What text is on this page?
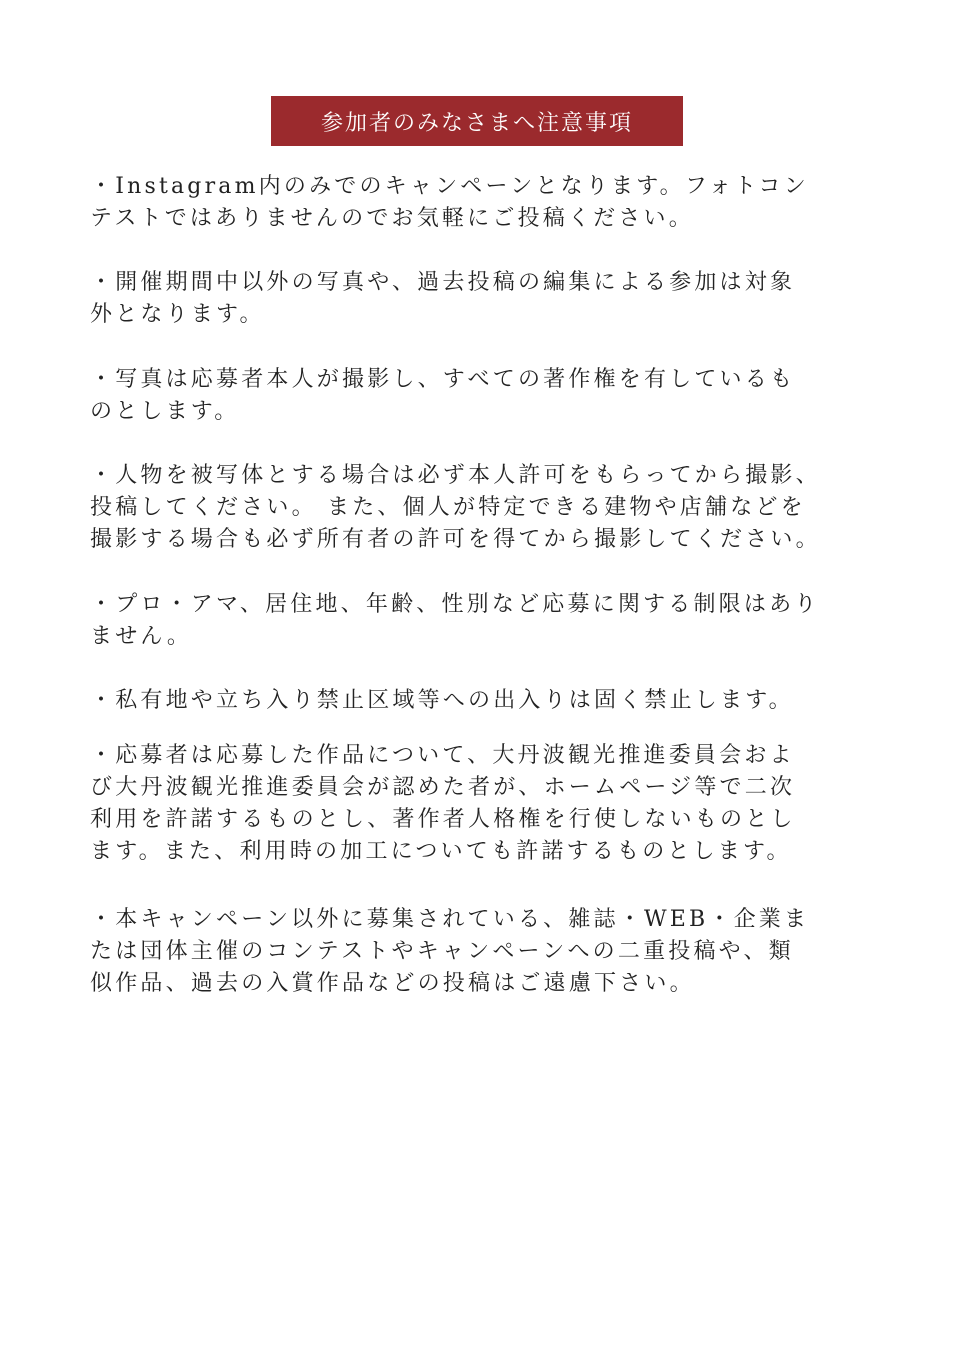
参加者のみなさまへ注意事項
・Instagram内のみでのキャンペーンとなります。フォトコン
テストではありませんのでお気軽にご投稿ください。
・開催期間中以外の写真や、過去投稿の編集による参加は対象
外となります。
・写真は応募者本人が撮影し、すべての著作権を有しているも
のとします。
・人物を被写体とする場合は必ず本人許可をもらってから撮影、
投稿してください。 また、個人が特定できる建物や店舗などを
撮影する場合も必ず所有者の許可を得てから撮影してください。
・プロ・アマ、居住地、年齢、性別など応募に関する制限はあり
ません。
・私有地や立ち入り禁止区域等への出入りは固く禁止します。
・応募者は応募した作品について、大丹波観光推進委員会およ
び大丹波観光推進委員会が認めた者が、ホームページ等で二次
利用を許諾するものとし、著作者人格権を行使しないものとし
ます。また、利用時の加工についても許諾するものとします。
・本キャンペーン以外に募集されている、雑誌・WEB・企業ま
たは団体主催のコンテストやキャンペーンへの二重投稿や、類
似作品、過去の入賞作品などの投稿はご遠慮下さい。
